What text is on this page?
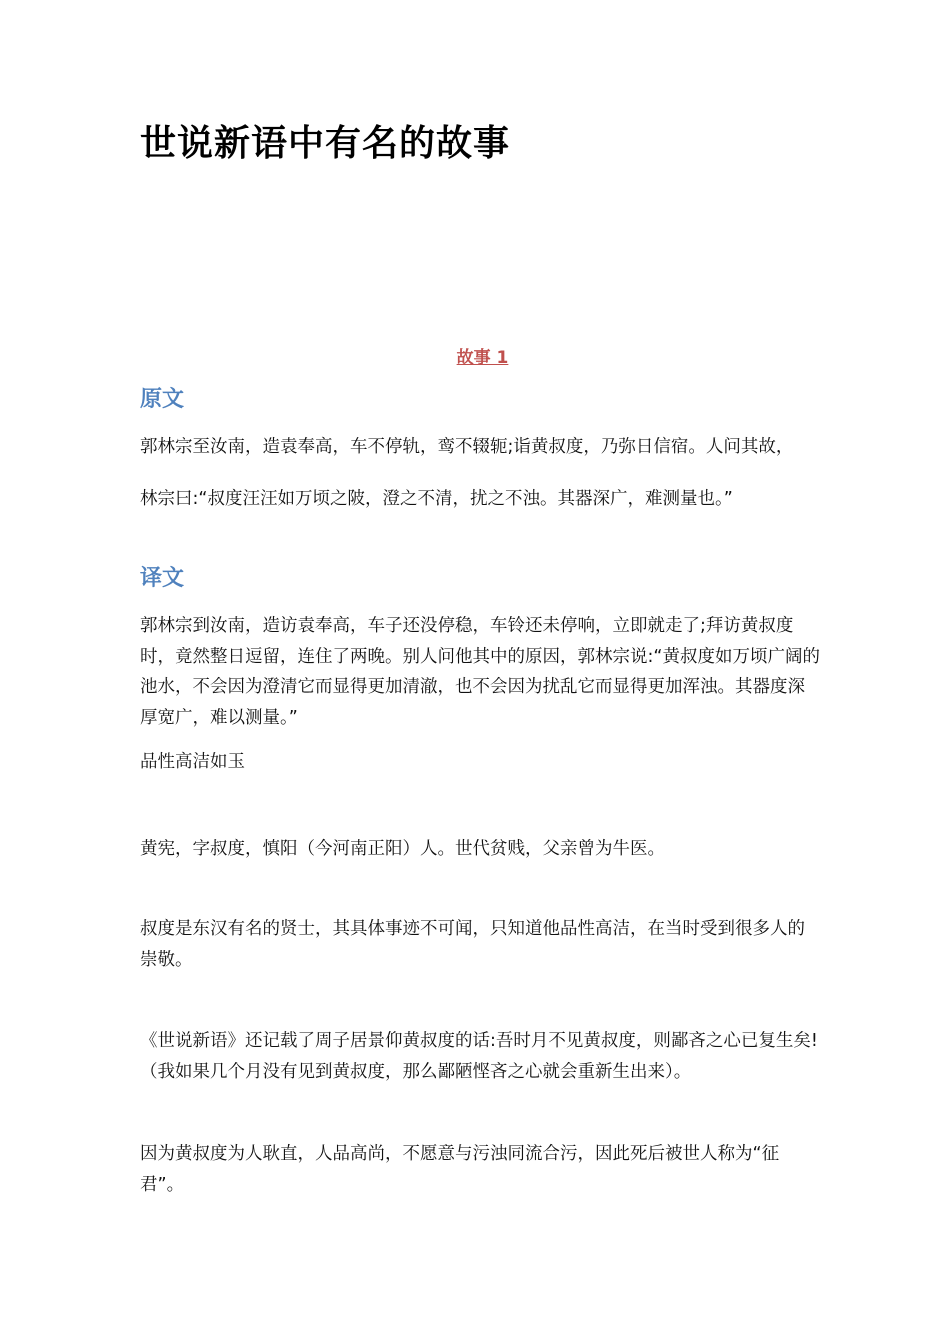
世说新语中有名的故事
故事 1
原文

郭林宗至汝南，造袁奉高，车不停轨，鸾不辍轭;诣黄叔度，乃弥日信宿。人问其故，

林宗曰:“叔度汪汪如万顷之陂，澄之不清，扰之不浊。其器深广，难测量也。”

译文

郭林宗到汝南，造访袁奉高，车子还没停稳，车铃还未停响，立即就走了;拜访黄叔度时，竟然整日逗留，连住了两晚。别人问他其中的原因，郭林宗说:“黄叔度如万顷广阔的池水，不会因为澄清它而显得更加清澈，也不会因为扰乱它而显得更加浑浊。其器度深厚宽广，难以测量。”

品性高洁如玉

黄宪，字叔度，慎阳（今河南正阳）人。世代贫贱，父亲曾为牛医。

叔度是东汉有名的贤士，其具体事迹不可闻，只知道他品性高洁，在当时受到很多人的崇敬。

《世说新语》还记载了周子居景仰黄叔度的话:吾时月不见黄叔度，则鄙吝之心已复生矣!（我如果几个月没有见到黄叔度，那么鄙陋悭吝之心就会重新生出来）。

因为黄叔度为人耿直，人品高尚，不愿意与污浊同流合污，因此死后被世人称为“征君”。
